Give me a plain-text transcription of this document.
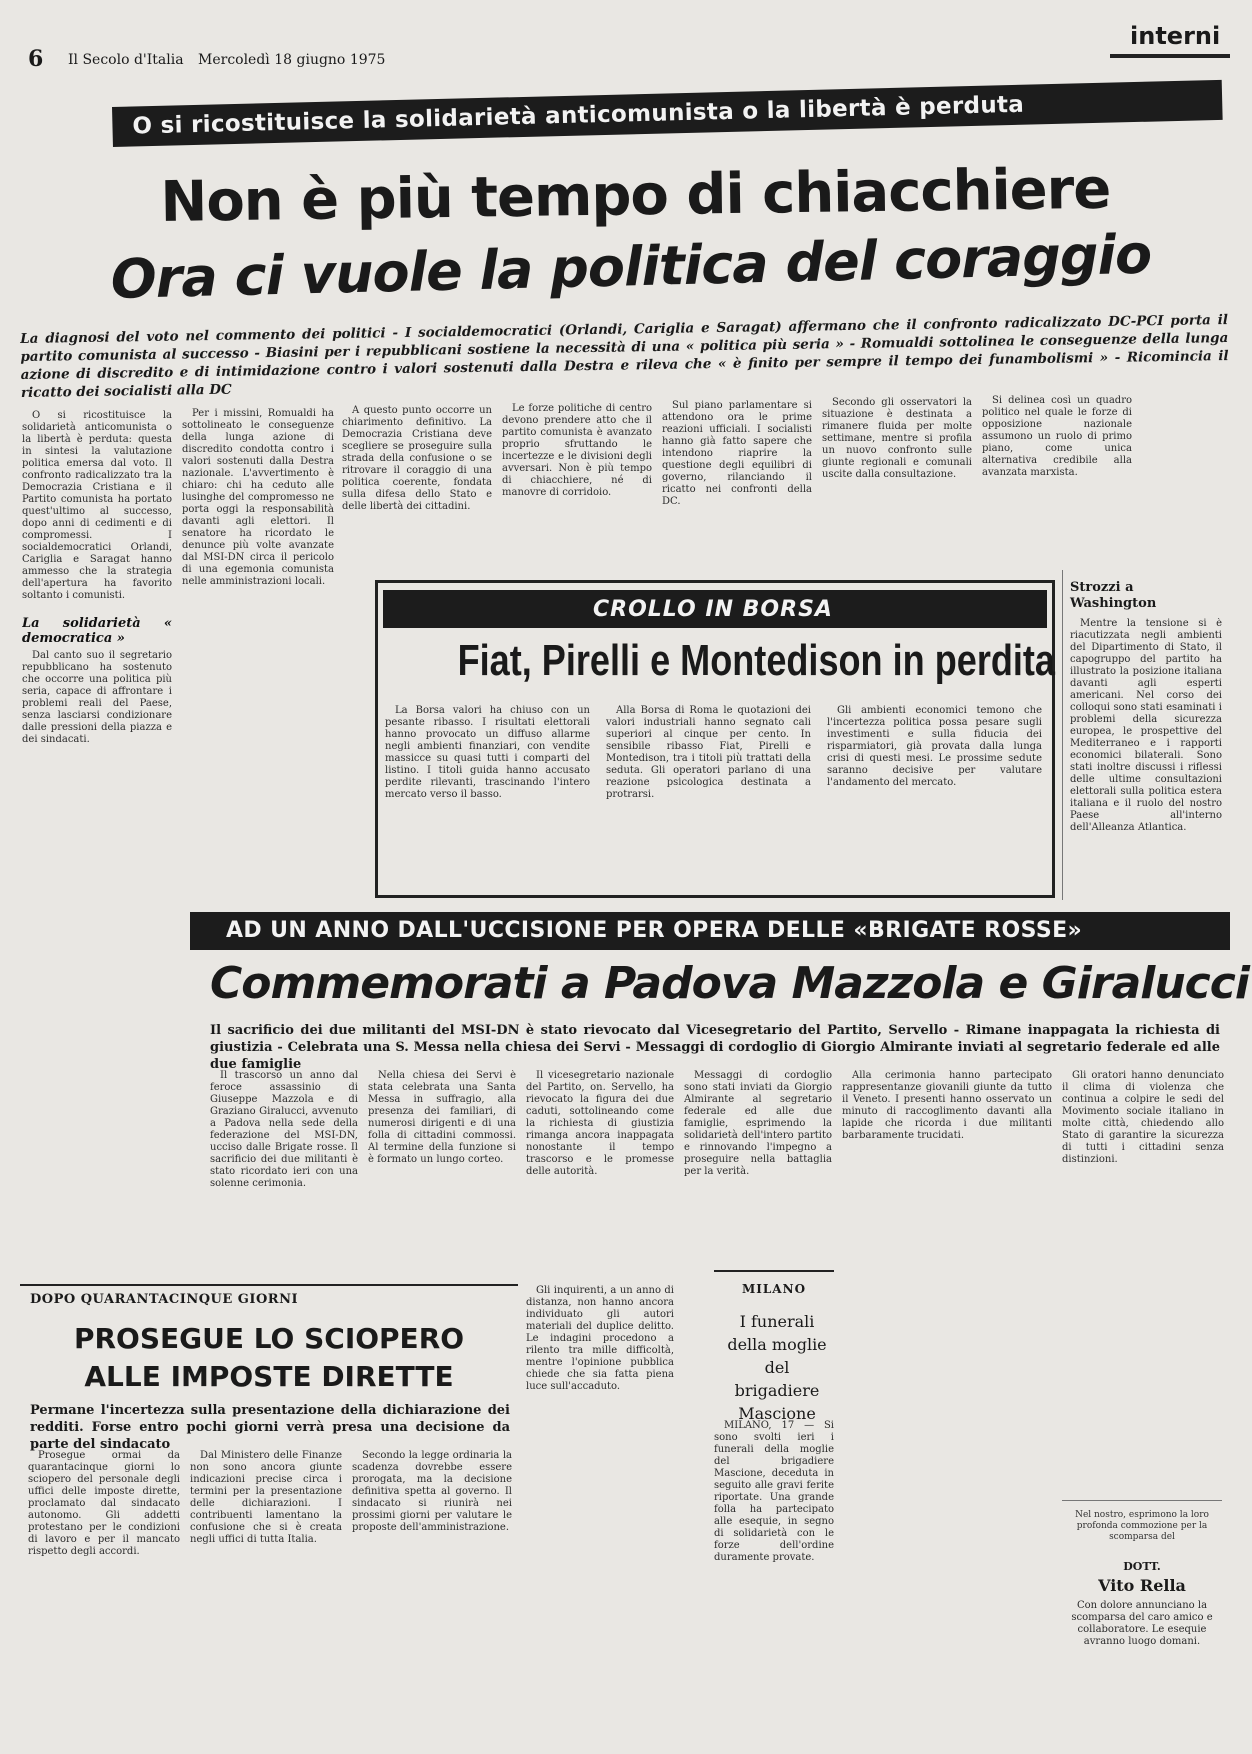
6 Il Secolo d'Italia Mercoledì 18 giugno 1975
interni
O si ricostituisce la solidarietà anticomunista o la libertà è perduta
Non è più tempo di chiacchiere
Ora ci vuole la politica del coraggio
La diagnosi del voto nel commento dei politici - I socialdemocratici (Orlandi, Cariglia e Saragat) affermano che il confronto radicalizzato DC-PCI porta il partito comunista al successo - Biasini per i repubblicani sostiene la necessità di una « politica più seria » - Romualdi sottolinea le conseguenze della lunga azione di discredito e di intimidazione contro i valori sostenuti dalla Destra e rileva che « è finito per sempre il tempo dei funambolismi » - Ricomincia il ricatto dei socialisti alla DC

O si ricostituisce la solidarietà anticomunista o la libertà è perduta: questa in sintesi la valutazione politica emersa dal voto. Il confronto radicalizzato tra la Democrazia Cristiana e il Partito comunista ha portato quest'ultimo al successo, dopo anni di cedimenti e di compromessi. I socialdemocratici Orlandi, Cariglia e Saragat hanno ammesso che la strategia dell'apertura ha favorito soltanto i comunisti.

La solidarietà « democratica »

Dal canto suo il segretario repubblicano ha sostenuto che occorre una politica più seria, capace di affrontare i problemi reali del Paese, senza lasciarsi condizionare dalle pressioni della piazza e dei sindacati.

Per i missini, Romualdi ha sottolineato le conseguenze della lunga azione di discredito condotta contro i valori sostenuti dalla Destra nazionale. L'avvertimento è chiaro: chi ha ceduto alle lusinghe del compromesso ne porta oggi la responsabilità davanti agli elettori. Il senatore ha ricordato le denunce più volte avanzate dal MSI-DN circa il pericolo di una egemonia comunista nelle amministrazioni locali.

A questo punto occorre un chiarimento definitivo. La Democrazia Cristiana deve scegliere se proseguire sulla strada della confusione o se ritrovare il coraggio di una politica coerente, fondata sulla difesa dello Stato e delle libertà dei cittadini.

Le forze politiche di centro devono prendere atto che il partito comunista è avanzato proprio sfruttando le incertezze e le divisioni degli avversari. Non è più tempo di chiacchiere, né di manovre di corridoio.

Sul piano parlamentare si attendono ora le prime reazioni ufficiali. I socialisti hanno già fatto sapere che intendono riaprire la questione degli equilibri di governo, rilanciando il ricatto nei confronti della DC.

Secondo gli osservatori la situazione è destinata a rimanere fluida per molte settimane, mentre si profila un nuovo confronto sulle giunte regionali e comunali uscite dalla consultazione.

Si delinea così un quadro politico nel quale le forze di opposizione nazionale assumono un ruolo di primo piano, come unica alternativa credibile alla avanzata marxista.

Strozzi a Washington

Mentre la tensione si è riacutizzata negli ambienti del Dipartimento di Stato, il capogruppo del partito ha illustrato la posizione italiana davanti agli esperti americani. Nel corso dei colloqui sono stati esaminati i problemi della sicurezza europea, le prospettive del Mediterraneo e i rapporti economici bilaterali. Sono stati inoltre discussi i riflessi delle ultime consultazioni elettorali sulla politica estera italiana e il ruolo del nostro Paese all'interno dell'Alleanza Atlantica.

CROLLO IN BORSA
Fiat, Pirelli e Montedison in perdita

La Borsa valori ha chiuso con un pesante ribasso. I risultati elettorali hanno provocato un diffuso allarme negli ambienti finanziari, con vendite massicce su quasi tutti i comparti del listino. I titoli guida hanno accusato perdite rilevanti, trascinando l'intero mercato verso il basso.

Alla Borsa di Roma le quotazioni dei valori industriali hanno segnato cali superiori al cinque per cento. In sensibile ribasso Fiat, Pirelli e Montedison, tra i titoli più trattati della seduta. Gli operatori parlano di una reazione psicologica destinata a protrarsi.

Gli ambienti economici temono che l'incertezza politica possa pesare sugli investimenti e sulla fiducia dei risparmiatori, già provata dalla lunga crisi di questi mesi. Le prossime sedute saranno decisive per valutare l'andamento del mercato.

AD UN ANNO DALL'UCCISIONE PER OPERA DELLE «BRIGATE ROSSE»
Commemorati a Padova Mazzola e Giralucci
Il sacrificio dei due militanti del MSI-DN è stato rievocato dal Vicesegretario del Partito, Servello - Rimane inappagata la richiesta di giustizia - Celebrata una S. Messa nella chiesa dei Servi - Messaggi di cordoglio di Giorgio Almirante inviati al segretario federale ed alle due famiglie

Il trascorso un anno dal feroce assassinio di Giuseppe Mazzola e di Graziano Giralucci, avvenuto a Padova nella sede della federazione del MSI-DN, ucciso dalle Brigate rosse. Il sacrificio dei due militanti è stato ricordato ieri con una solenne cerimonia.

Nella chiesa dei Servi è stata celebrata una Santa Messa in suffragio, alla presenza dei familiari, di numerosi dirigenti e di una folla di cittadini commossi. Al termine della funzione si è formato un lungo corteo.

Il vicesegretario nazionale del Partito, on. Servello, ha rievocato la figura dei due caduti, sottolineando come la richiesta di giustizia rimanga ancora inappagata nonostante il tempo trascorso e le promesse delle autorità.

Gli inquirenti, a un anno di distanza, non hanno ancora individuato gli autori materiali del duplice delitto. Le indagini procedono a rilento tra mille difficoltà, mentre l'opinione pubblica chiede che sia fatta piena luce sull'accaduto.

Messaggi di cordoglio sono stati inviati da Giorgio Almirante al segretario federale ed alle due famiglie, esprimendo la solidarietà dell'intero partito e rinnovando l'impegno a proseguire nella battaglia per la verità.

Alla cerimonia hanno partecipato rappresentanze giovanili giunte da tutto il Veneto. I presenti hanno osservato un minuto di raccoglimento davanti alla lapide che ricorda i due militanti barbaramente trucidati.

Gli oratori hanno denunciato il clima di violenza che continua a colpire le sedi del Movimento sociale italiano in molte città, chiedendo allo Stato di garantire la sicurezza di tutti i cittadini senza distinzioni.

DOPO QUARANTACINQUE GIORNI
PROSEGUE LO SCIOPERO
ALLE IMPOSTE DIRETTE
Permane l'incertezza sulla presentazione della dichiarazione dei redditi. Forse entro pochi giorni verrà presa una decisione da parte del sindacato

Prosegue ormai da quarantacinque giorni lo sciopero del personale degli uffici delle imposte dirette, proclamato dal sindacato autonomo. Gli addetti protestano per le condizioni di lavoro e per il mancato rispetto degli accordi.

Dal Ministero delle Finanze non sono ancora giunte indicazioni precise circa i termini per la presentazione delle dichiarazioni. I contribuenti lamentano la confusione che si è creata negli uffici di tutta Italia.

Secondo la legge ordinaria la scadenza dovrebbe essere prorogata, ma la decisione definitiva spetta al governo. Il sindacato si riunirà nei prossimi giorni per valutare le proposte dell'amministrazione.

MILANO
I funerali della moglie del brigadiere Mascione

MILANO, 17 — Si sono svolti ieri i funerali della moglie del brigadiere Mascione, deceduta in seguito alle gravi ferite riportate. Una grande folla ha partecipato alle esequie, in segno di solidarietà con le forze dell'ordine duramente provate.

Nel nostro, esprimono la loro profonda commozione per la scomparsa del
DOTT.
Vito Rella

Con dolore annunciano la scomparsa del caro amico e collaboratore. Le esequie avranno luogo domani.
